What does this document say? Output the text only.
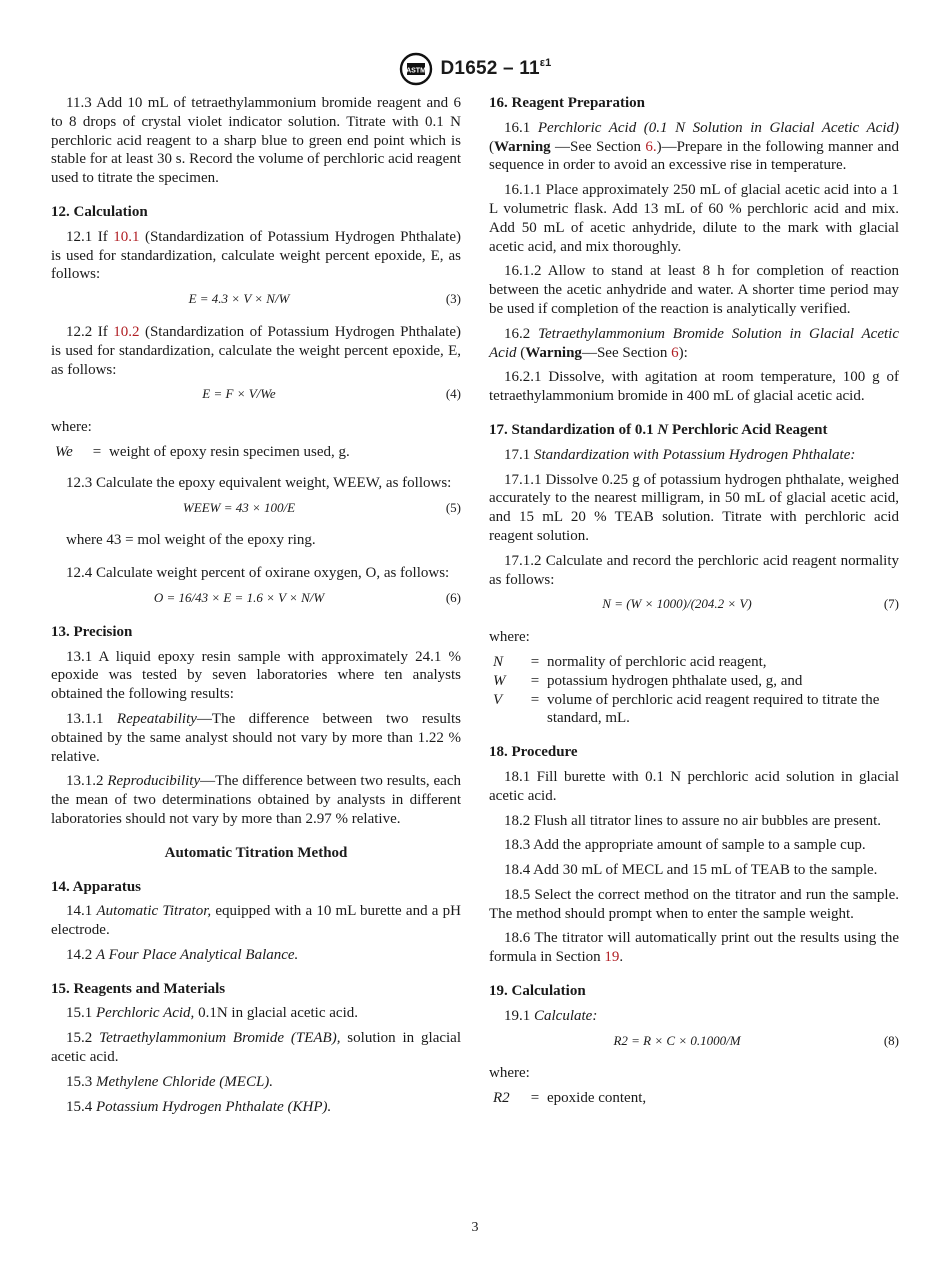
ASTM $D1652 - 11^{\varepsilon 1}$

11.3 Add 10 mL of tetraethylammonium bromide reagent and 6 to 8 drops of crystal violet indicator solution. Titrate with 0.1 N perchloric acid reagent to a sharp blue to green end point which is stable for at least 30 s. Record the volume of perchloric acid reagent used to titrate the specimen.

12. Calculation

12.1 If 10.1 (Standardization of Potassium Hydrogen Phthalate) is used for standardization, calculate weight percent epoxide, E, as follows:

E = 4.3 × V × N/W	(3)

12.2 If 10.2 (Standardization of Potassium Hydrogen Phthalate) is used for standardization, calculate the weight percent epoxide, E, as follows:

E = F × V/We	(4)

where:

We	= weight of epoxy resin specimen used, g.

12.3 Calculate the epoxy equivalent weight, WEEW, as follows:

WEEW = 43 × 100/E	(5)

where 43 = mol weight of the epoxy ring.

12.4 Calculate weight percent of oxirane oxygen, O, as follows:

O = 16/43 × E = 1.6 × V × N/W	(6)
13. Precision

13.1 A liquid epoxy resin sample with approximately 24.1 % epoxide was tested by seven laboratories where ten analysts obtained the following results:

13.1.1 Repeatability—The difference between two results obtained by the same analyst should not vary by more than 1.22 % relative.

13.1.2 Reproducibility—The difference between two results, each the mean of two determinations obtained by analysts in different laboratories should not vary by more than 2.97 % relative.

Automatic Titration Method
14. Apparatus

14.1 Automatic Titrator, equipped with a 10 mL burette and a pH electrode.

14.2 A Four Place Analytical Balance.

15. Reagents and Materials

15.1 Perchloric Acid, 0.1N in glacial acetic acid.

15.2 Tetraethylammonium Bromide (TEAB), solution in glacial acetic acid.

15.3 Methylene Chloride (MECL).

15.4 Potassium Hydrogen Phthalate (KHP).

16. Reagent Preparation

16.1 Perchloric Acid (0.1 N Solution in Glacial Acetic Acid) (Warning —See Section 6.)—Prepare in the following manner and sequence in order to avoid an excessive rise in temperature.

16.1.1 Place approximately 250 mL of glacial acetic acid into a 1 L volumetric flask. Add 13 mL of 60 % perchloric acid and mix. Add 50 mL of acetic anhydride, dilute to the mark with glacial acetic acid, and mix thoroughly.

16.1.2 Allow to stand at least 8 h for completion of reaction between the acetic anhydride and water. A shorter time period may be used if completion of the reaction is analytically verified.

16.2 Tetraethylammonium Bromide Solution in Glacial Acetic Acid (Warning—See Section 6):

16.2.1 Dissolve, with agitation at room temperature, 100 g of tetraethylammonium bromide in 400 mL of glacial acetic acid.

17. Standardization of 0.1 N Perchloric Acid Reagent

17.1 Standardization with Potassium Hydrogen Phthalate:

17.1.1 Dissolve 0.25 g of potassium hydrogen phthalate, weighed accurately to the nearest milligram, in 50 mL of glacial acetic acid, and 15 mL 20 % TEAB solution. Titrate with perchloric acid reagent solution.

17.1.2 Calculate and record the perchloric acid reagent normality as follows:

N = (W × 1000)/(204.2 × V)	(7)

where:

N	= normality of perchloric acid reagent,
W	= potassium hydrogen phthalate used, g, and
V	= volume of perchloric acid reagent required to titrate the standard, mL.
18. Procedure

18.1 Fill burette with 0.1 N perchloric acid solution in glacial acetic acid.

18.2 Flush all titrator lines to assure no air bubbles are present.

18.3 Add the appropriate amount of sample to a sample cup.

18.4 Add 30 mL of MECL and 15 mL of TEAB to the sample.

18.5 Select the correct method on the titrator and run the sample. The method should prompt when to enter the sample weight.

18.6 The titrator will automatically print out the results using the formula in Section 19.

19. Calculation

19.1 Calculate:

R2 = R × C × 0.1000/M	(8)

where:

R2	= epoxide content,
3
